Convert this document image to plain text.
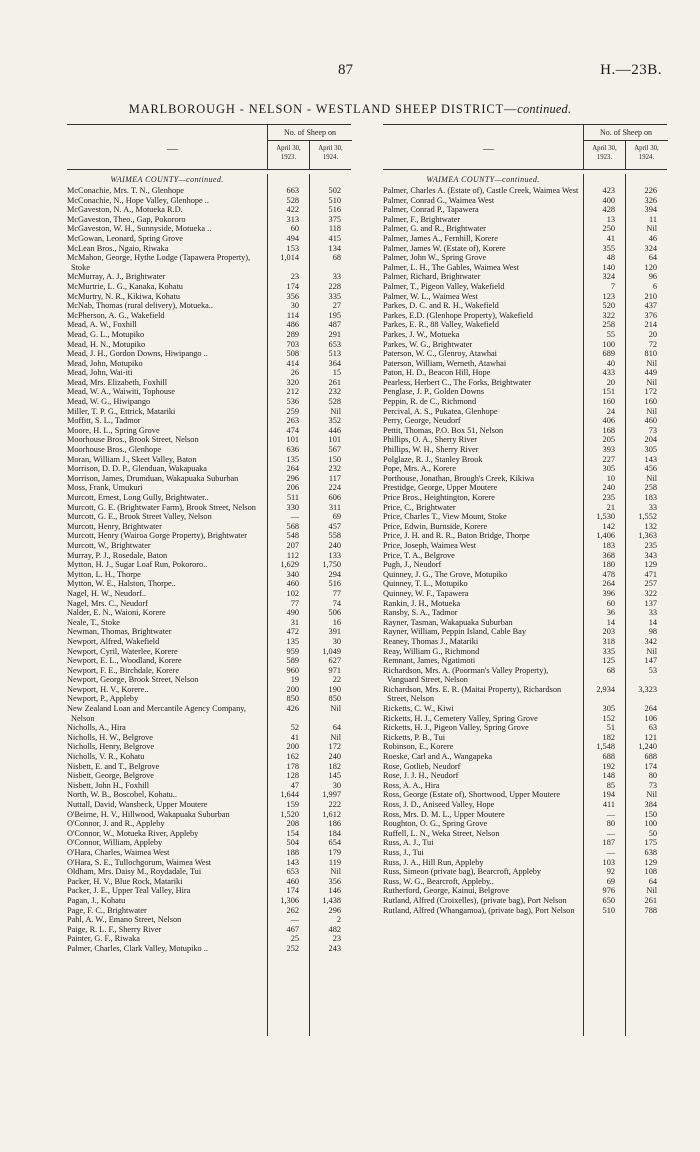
87	H.—23B.
MARLBOROUGH - NELSON - WESTLAND SHEEP DISTRICT—continued.
—
No. of Sheep on
April 30, 1923.
April 30, 1924.
WAIMEA COUNTY—continued.
McConachie, Mrs. T. N., Glenhope	663	502
McConachie, N., Hope Valley, Glenhope ..	528	510
McGaveston, N. A., Motueka R.D.	422	516
McGaveston, Theo., Gap, Pokororo	313	375
McGaveston, W. H., Sunnyside, Motueka ..	60	118
McGowan, Leonard, Spring Grove	494	415
McLean Bros., Ngaio, Riwaka	153	134
McMahon, George, Hythe Lodge (Tapawera Property), Stoke
1,014	68
McMurray, A. J., Brightwater	23	33
McMurtrie, L. G., Kanaka, Kohatu	174	228
McMurtry, N. R., Kikiwa, Kohatu	356	335
McNab, Thomas (rural delivery), Motueka..	30	27
McPherson, A. G., Wakefield	114	195
Mead, A. W., Foxhill	486	487
Mead, G. L., Motupiko	289	291
Mead, H. N., Motupiko	703	653
Mead, J. H., Gordon Downs, Hiwipango ..	508	513
Mead, John, Motupiko	414	364
Mead, John, Wai-iti	26	15
Mead, Mrs. Elizabeth, Foxhill	320	261
Mead, W. A., Waiwiti, Tophouse	212	232
Mead, W. G., Hiwipango	536	528
Miller, T. P. G., Ettrick, Matariki	259	Nil
Moffitt, S. L., Tadmor	263	352
Moore, H. L., Spring Grove	474	446
Moorhouse Bros., Brook Street, Nelson	101	101
Moorhouse Bros., Glenhope	636	567
Moran, William J., Skeet Valley, Baton	135	150
Morrison, D. D. P., Glenduan, Wakapuaka	264	232
Morrison, James, Drumduan, Wakapuaka Suburban	296	117
Moss, Frank, Umukuri	206	224
Murcott, Ernest, Long Gully, Brightwater..	511	606
Murcott, G. E. (Brightwater Farm), Brook Street, Nelson	330	311
Murcott, G. E., Brook Street Valley, Nelson	—	69
Murcott, Henry, Brightwater	568	457
Murcott, Henry (Wairoa Gorge Property), Brightwater	548	558
Murcott, W., Brightwater	207	240
Murray, P. J., Rosedale, Baton	112	133
Mytton, H. J., Sugar Loaf Run, Pokororo..	1,629	1,750
Mytton, L. H., Thorpe	340	294
Mytton, W. E., Halston, Thorpe..	460	516
Nagel, H. W., Neudorf..	102	77
Nagel, Mrs. C., Neudorf	77	74
Nalder, E. N., Waioni, Korere	490	506
Neale, T., Stoke	31	16
Newman, Thomas, Brightwater	472	391
Newport, Alfred, Wakefield	135	30
Newport, Cyril, Waterlee, Korere	959	1,049
Newport, E. L., Woodland, Korere	589	627
Newport, F. E., Birchdale, Korere	960	971
Newport, George, Brook Street, Nelson	19	22
Newport, H. V., Korere..	200	190
Newport, P., Appleby	850	850
New Zealand Loan and Mercantile Agency Company, Nelson
426	Nil
Nicholls, A., Hira	52	64
Nicholls, H. W., Belgrove	41	Nil
Nicholls, Henry, Belgrove	200	172
Nicholls, V. R., Kohatu	162	240
Nisbett, E. and T., Belgrove	178	182
Nisbett, George, Belgrove	128	145
Nisbett, John H., Foxhill	47	30
North, W. B., Boscobel, Kohatu..	1,644	1,997
Nuttall, David, Wansbeck, Upper Moutere	159	222
O'Beirne, H. V., Hillwood, Wakapuaka Suburban	1,520	1,612
O'Connor, J. and R., Appleby	208	186
O'Connor, W., Motueka River, Appleby	154	184
O'Connor, William, Appleby	504	654
O'Hara, Charles, Waimea West	188	179
O'Hara, S. E., Tullochgorum, Waimea West	143	119
Oldham, Mrs. Daisy M., Roydadale, Tui	653	Nil
Packer, H. V., Blue Rock, Matariki	460	356
Packer, J. E., Upper Teal Valley, Hira	174	146
Pagan, J., Kohatu	1,306	1,438
Page, F. C., Brightwater	262	296
Pahl, A. W., Emano Street, Nelson	—	2
Paige, R. L. F., Sherry River	467	482
Painter, G. F., Riwaka	25	23
Palmer, Charles, Clark Valley, Motupiko ..	252	243
—
No. of Sheep on
April 30, 1923.
April 30, 1924.
WAIMEA COUNTY—continued.
Palmer, Charles A. (Estate of), Castle Creek, Waimea West	423	226
Palmer, Conrad G., Waimea West	400	326
Palmer, Conrad P., Tapawera	428	394
Palmer, F., Brightwater	13	11
Palmer, G. and R., Brightwater	250	Nil
Palmer, James A., Fernhill, Korere	41	46
Palmer, James W. (Estate of), Korere	355	324
Palmer, John W., Spring Grove	48	64
Palmer, L. H., The Gables, Waimea West	140	120
Palmer, Richard, Brightwater	324	96
Palmer, T., Pigeon Valley, Wakefield	7	6
Palmer, W. L., Waimea West	123	210
Parkes, D. C. and R. H., Wakefield	520	437
Parkes, E.D. (Glenhope Property), Wakefield	322	376
Parkes, E. R., 88 Valley, Wakefield	258	214
Parkes, J. W., Motueka	55	20
Parkes, W. G., Brightwater	100	72
Paterson, W. C., Glenroy, Atawhai	689	810
Paterson, William, Werneth, Atawhai	40	Nil
Paton, H. D., Beacon Hill, Hope	433	449
Pearless, Herbert C., The Forks, Brightwater	20	Nil
Penglase, J. P., Golden Downs	151	172
Peppin, R. de C., Richmond	160	160
Percival, A. S., Pukatea, Glenhope	24	Nil
Perry, George, Neudorf	406	460
Pettit, Thomas, P.O. Box 51, Nelson	168	73
Phillips, O. A., Sherry River	205	204
Phillips, W. H., Sherry River	393	305
Polglaze, R. J., Stanley Brook	227	143
Pope, Mrs. A., Korere	305	456
Porthouse, Jonathan, Brough's Creek, Kikiwa	10	Nil
Prestidge, George, Upper Moutere	240	258
Price Bros., Heightington, Korere	235	183
Price, C., Brightwater	21	33
Price, Charles T., View Mount, Stoke	1,530	1,552
Price, Edwin, Burnside, Korere	142	132
Price, J. H. and R. R., Baton Bridge, Thorpe	1,406	1,363
Price, Joseph, Waimea West	183	235
Price, T. A., Belgrove	368	343
Pugh, J., Neudorf	180	129
Quinney, J. G., The Grove, Motupiko	478	471
Quinney, T. L., Motupiko	264	257
Quinney, W. F., Tapawera	396	322
Rankin, J. H., Motueka	60	137
Ransby, S. A., Tadmor	36	33
Rayner, Tasman, Wakapuaka Suburban	14	14
Rayner, William, Peppin Island, Cable Bay	203	98
Reaney, Thomas J., Matariki	318	342
Reay, William G., Richmond	335	Nil
Remnant, James, Ngatimoti	125	147
Richardson, Mrs. A. (Poorman's Valley Property), Vanguard Street, Nelson
68	53
Richardson, Mrs. E. R. (Maitai Property), Richardson Street, Nelson
2,934	3,323
Ricketts, C. W., Kiwi	305	264
Ricketts, H. J., Cemetery Valley, Spring Grove	152	106
Ricketts, H. J., Pigeon Valley, Spring Grove	51	63
Ricketts, P. B., Tui	182	121
Robinson, E., Korere	1,548	1,240
Roeske, Carl and A., Wangapeka	688	688
Rose, Gotlieb, Neudorf	192	174
Rose, J. J. H., Neudorf	148	80
Ross, A. A., Hira	85	73
Ross, George (Estate of), Shortwood, Upper Moutere	194	Nil
Ross, J. D., Aniseed Valley, Hope	411	384
Ross, Mrs. D. M. L., Upper Moutere	—	150
Roughton, O. G., Spring Grove	80	100
Ruffell, L. N., Weka Street, Nelson	—	50
Russ, A. J., Tui	187	175
Russ, J., Tui	—	638
Russ, J. A., Hill Run, Appleby	103	129
Russ, Simeon (private bag), Bearcroft, Appleby	92	108
Russ, W. G., Bearcroft, Appleby..	69	64
Rutherford, George, Kainui, Belgrove	976	Nil
Rutland, Alfred (Croixelles), (private bag), Port Nelson	650	261
Rutland, Alfred (Whangamoa), (private bag), Port Nelson	510	788
